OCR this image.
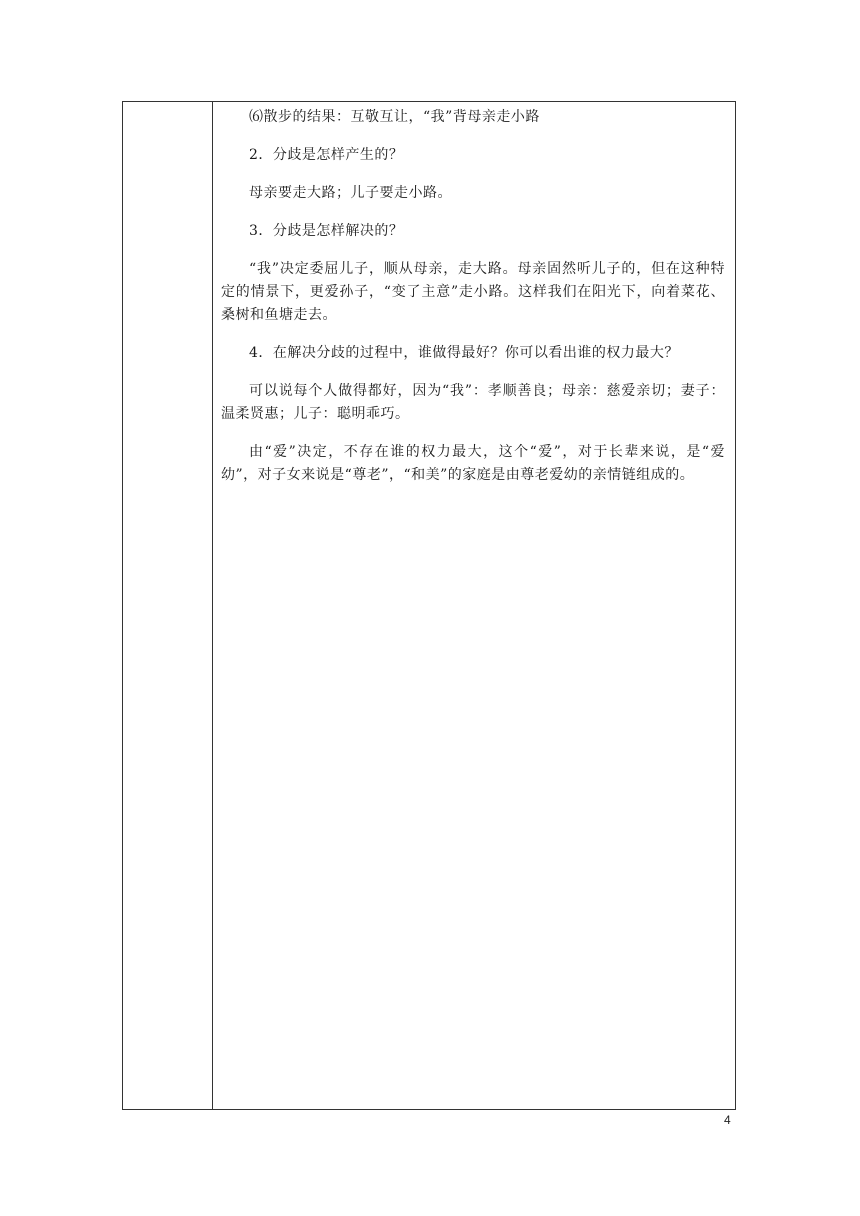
⑹散步的结果：互敬互让，“我”背母亲走小路

2．分歧是怎样产生的？

母亲要走大路；儿子要走小路。

3．分歧是怎样解决的？

“我”决定委屈儿子，顺从母亲，走大路。母亲固然听儿子的，但在这种特定的情景下，更爱孙子，“变了主意”走小路。这样我们在阳光下，向着菜花、桑树和鱼塘走去。

4．在解决分歧的过程中，谁做得最好？你可以看出谁的权力最大？

可以说每个人做得都好，因为“我”：孝顺善良；母亲：慈爱亲切；妻子：温柔贤惠；儿子：聪明乖巧。

由“爱”决定，不存在谁的权力最大，这个“爱”，对于长辈来说，是“爱幼”，对子女来说是“尊老”，“和美”的家庭是由尊老爱幼的亲情链组成的。

4
